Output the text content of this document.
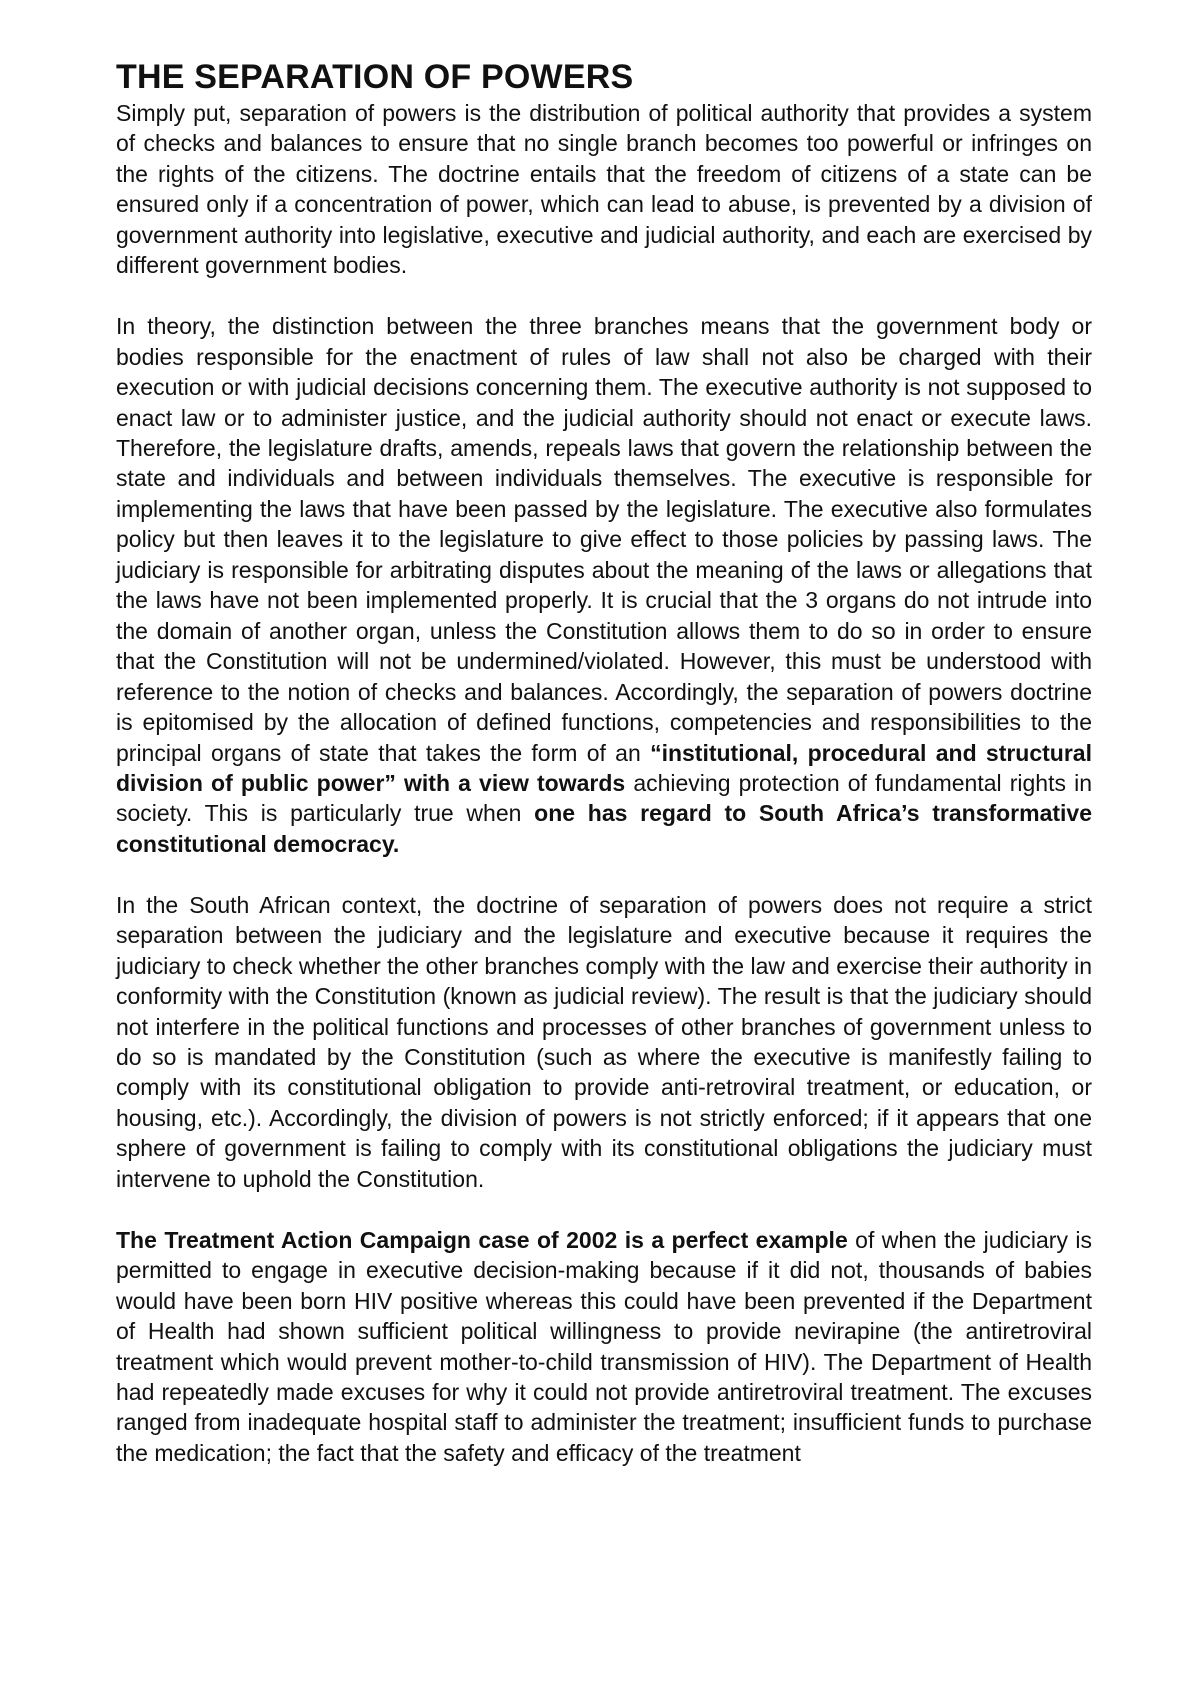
THE SEPARATION OF POWERS

Simply put, separation of powers is the distribution of political authority that provides a system of checks and balances to ensure that no single branch becomes too powerful or infringes on the rights of the citizens. The doctrine entails that the freedom of citizens of a state can be ensured only if a concentration of power, which can lead to abuse, is prevented by a division of government authority into legislative, executive and judicial authority, and each are exercised by different government bodies.

In theory, the distinction between the three branches means that the government body or bodies responsible for the enactment of rules of law shall not also be charged with their execution or with judicial decisions concerning them. The executive authority is not supposed to enact law or to administer justice, and the judicial authority should not enact or execute laws. Therefore, the legislature drafts, amends, repeals laws that govern the relationship between the state and individuals and between individuals themselves. The executive is responsible for implementing the laws that have been passed by the legislature. The executive also formulates policy but then leaves it to the legislature to give effect to those policies by passing laws. The judiciary is responsible for arbitrating disputes about the meaning of the laws or allegations that the laws have not been implemented properly. It is crucial that the 3 organs do not intrude into the domain of another organ, unless the Constitution allows them to do so in order to ensure that the Constitution will not be undermined/violated. However, this must be understood with reference to the notion of checks and balances. Accordingly, the separation of powers doctrine is epitomised by the allocation of defined functions, competencies and responsibilities to the principal organs of state that takes the form of an “institutional, procedural and structural division of public power” with a view towards achieving protection of fundamental rights in society. This is particularly true when one has regard to South Africa’s transformative constitutional democracy.

In the South African context, the doctrine of separation of powers does not require a strict separation between the judiciary and the legislature and executive because it requires the judiciary to check whether the other branches comply with the law and exercise their authority in conformity with the Constitution (known as judicial review). The result is that the judiciary should not interfere in the political functions and processes of other branches of government unless to do so is mandated by the Constitution (such as where the executive is manifestly failing to comply with its constitutional obligation to provide anti-retroviral treatment, or education, or housing, etc.). Accordingly, the division of powers is not strictly enforced; if it appears that one sphere of government is failing to comply with its constitutional obligations the judiciary must intervene to uphold the Constitution.

The Treatment Action Campaign case of 2002 is a perfect example of when the judiciary is permitted to engage in executive decision-making because if it did not, thousands of babies would have been born HIV positive whereas this could have been prevented if the Department of Health had shown sufficient political willingness to provide nevirapine (the antiretroviral treatment which would prevent mother-to-child transmission of HIV). The Department of Health had repeatedly made excuses for why it could not provide antiretroviral treatment. The excuses ranged from inadequate hospital staff to administer the treatment; insufficient funds to purchase the medication; the fact that the safety and efficacy of the treatment
